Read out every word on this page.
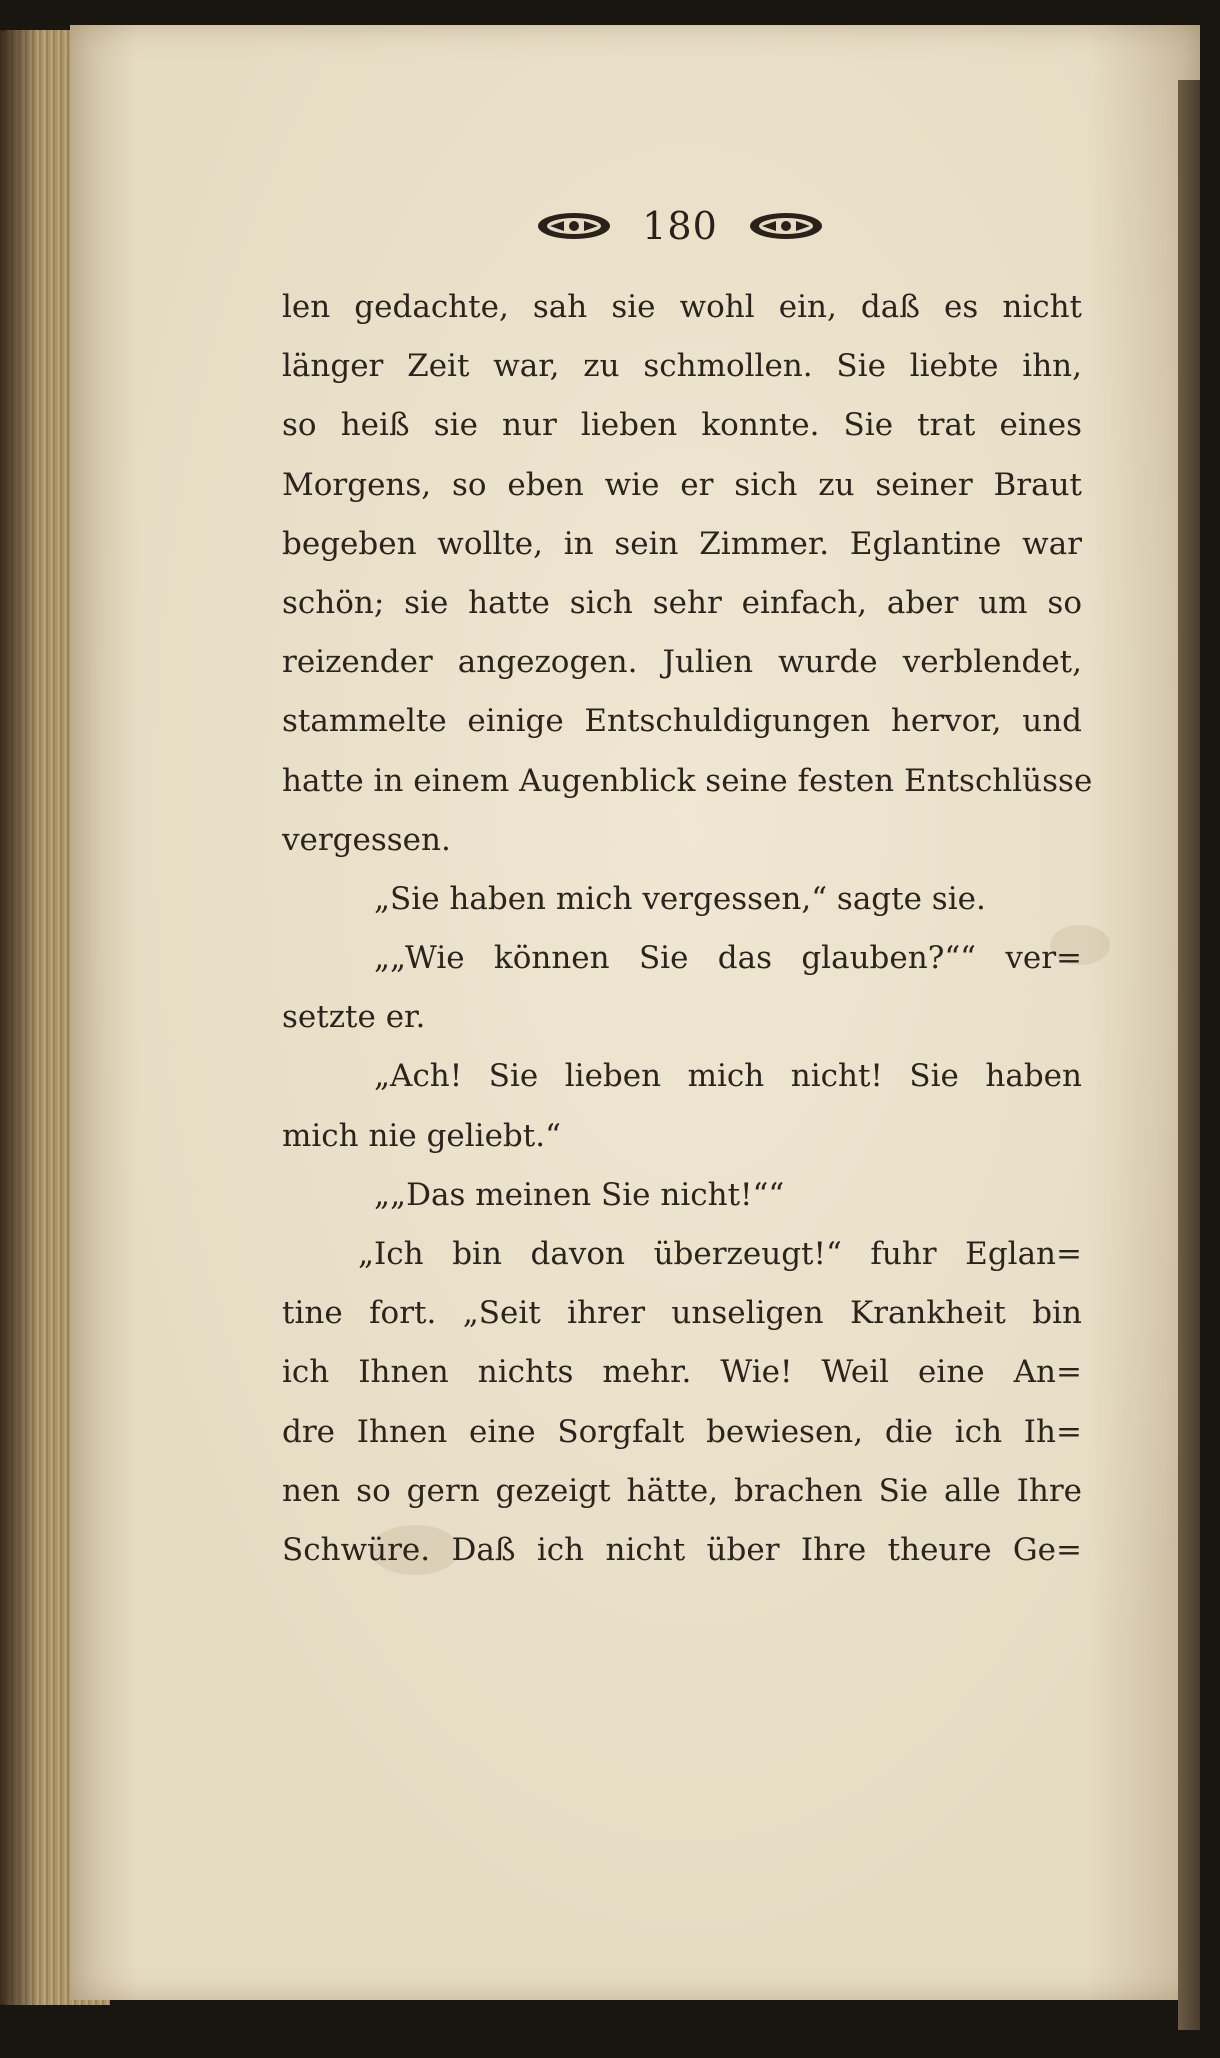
180
len gedachte, sah sie wohl ein, daß es nicht
länger Zeit war, zu schmollen. Sie liebte ihn,
so heiß sie nur lieben konnte. Sie trat eines
Morgens, so eben wie er sich zu seiner Braut
begeben wollte, in sein Zimmer. Eglantine war
schön; sie hatte sich sehr einfach, aber um so
reizender angezogen. Julien wurde verblendet,
stammelte einige Entschuldigungen hervor, und
hatte in einem Augenblick seine festen Entschlüsse
vergessen.
„Sie haben mich vergessen,“ sagte sie.
„„Wie können Sie das glauben?““ ver=
setzte er.
„Ach! Sie lieben mich nicht! Sie haben
mich nie geliebt.“
„„Das meinen Sie nicht!““
„Ich bin davon überzeugt!“ fuhr Eglan=
tine fort. „Seit ihrer unseligen Krankheit bin
ich Ihnen nichts mehr. Wie! Weil eine An=
dre Ihnen eine Sorgfalt bewiesen, die ich Ih=
nen so gern gezeigt hätte, brachen Sie alle Ihre
Schwüre. Daß ich nicht über Ihre theure Ge=
